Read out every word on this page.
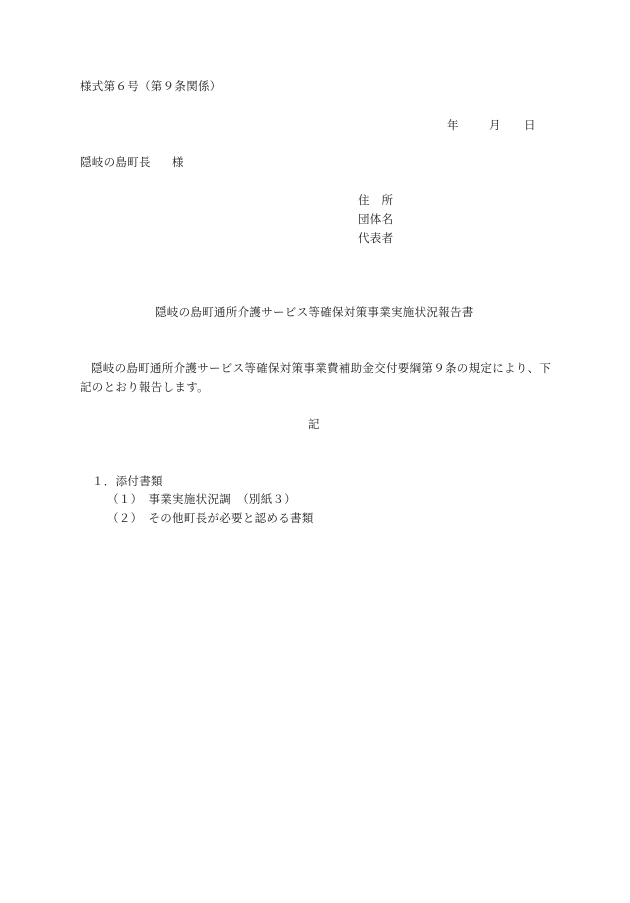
様式第６号（第９条関係）
年	月 日
隠岐の島町長 様
住 所
団体名
代表者
隠岐の島町通所介護サービス等確保対策事業実施状況報告書
隠岐の島町通所介護サービス等確保対策事業費補助金交付要綱第９条の規定により、下
記のとおり報告します。
記
１．添付書類
（１）　事業実施状況調　（別紙３）
（２）　その他町長が必要と認める書類
